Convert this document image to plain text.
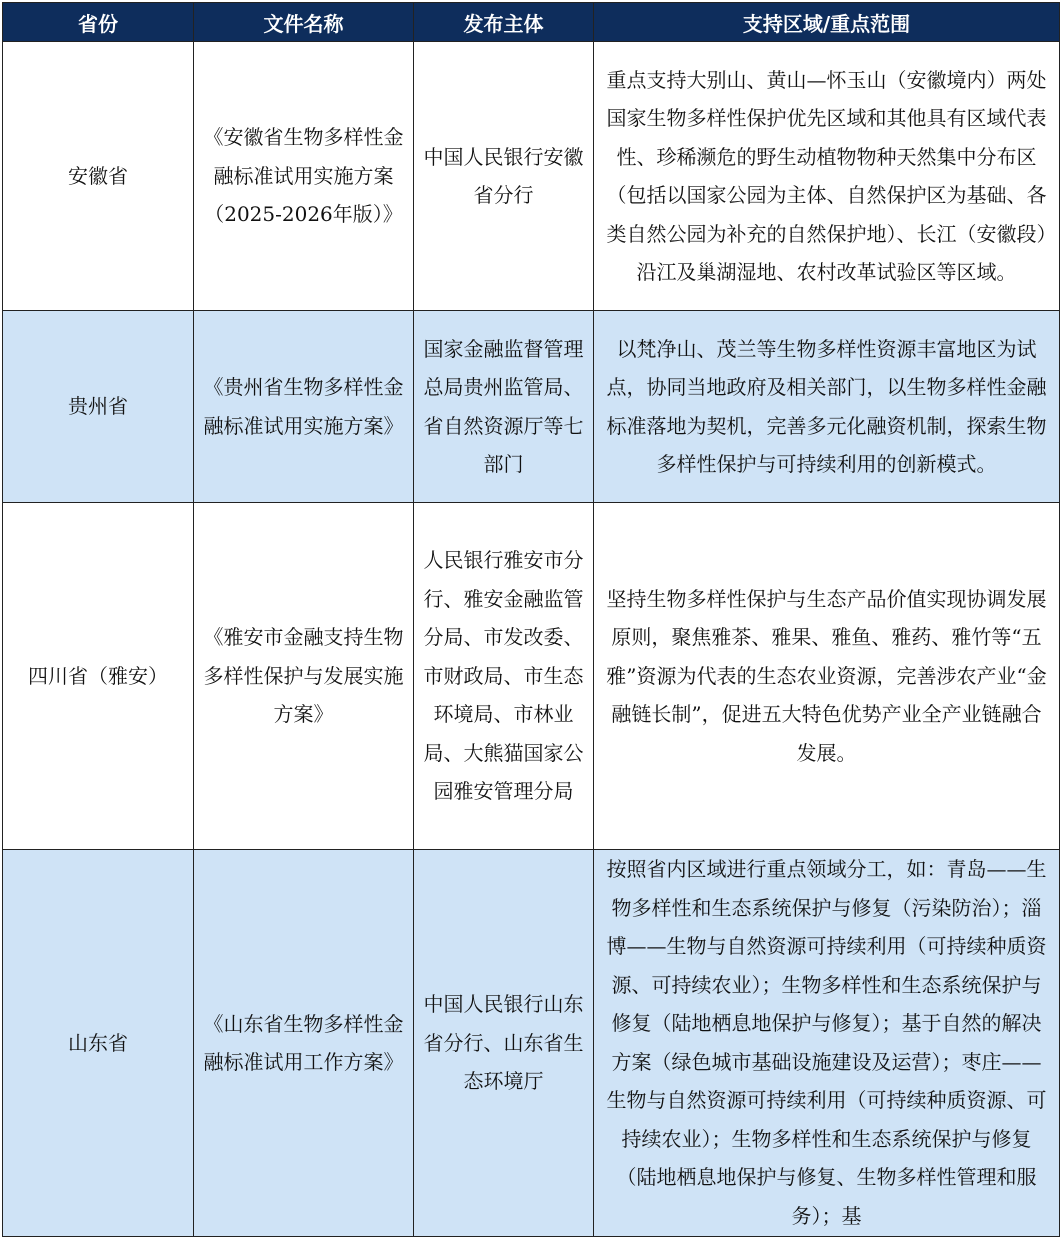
省份	文件名称	发布主体	支持区域/重点范围
安徽省	《安徽省生物多样性金融标准试用实施方案（2025-2026年版）》	中国人民银行安徽省分行	重点支持大别山、黄山—怀玉山（安徽境内）两处国家生物多样性保护优先区域和其他具有区域代表性、珍稀濒危的野生动植物物种天然集中分布区（包括以国家公园为主体、自然保护区为基础、各类自然公园为补充的自然保护地）、长江（安徽段）沿江及巢湖湿地、农村改革试验区等区域。
贵州省	《贵州省生物多样性金融标准试用实施方案》	国家金融监督管理总局贵州监管局、省自然资源厅等七部门	以梵净山、茂兰等生物多样性资源丰富地区为试点，协同当地政府及相关部门，以生物多样性金融标准落地为契机，完善多元化融资机制，探索生物多样性保护与可持续利用的创新模式。
四川省（雅安）	《雅安市金融支持生物多样性保护与发展实施方案》	人民银行雅安市分行、雅安金融监管分局、市发改委、市财政局、市生态环境局、市林业局、大熊猫国家公园雅安管理分局	坚持生物多样性保护与生态产品价值实现协调发展原则，聚焦雅茶、雅果、雅鱼、雅药、雅竹等“五雅”资源为代表的生态农业资源，完善涉农产业“金融链长制”，促进五大特色优势产业全产业链融合发展。
山东省	《山东省生物多样性金融标准试用工作方案》	中国人民银行山东省分行、山东省生态环境厅	按照省内区域进行重点领域分工，如：青岛——生物多样性和生态系统保护与修复（污染防治）；淄博——生物与自然资源可持续利用（可持续种质资源、可持续农业）；生物多样性和生态系统保护与修复（陆地栖息地保护与修复）；基于自然的解决方案（绿色城市基础设施建设及运营）；枣庄——生物与自然资源可持续利用（可持续种质资源、可持续农业）；生物多样性和生态系统保护与修复（陆地栖息地保护与修复、生物多样性管理和服务）；基
